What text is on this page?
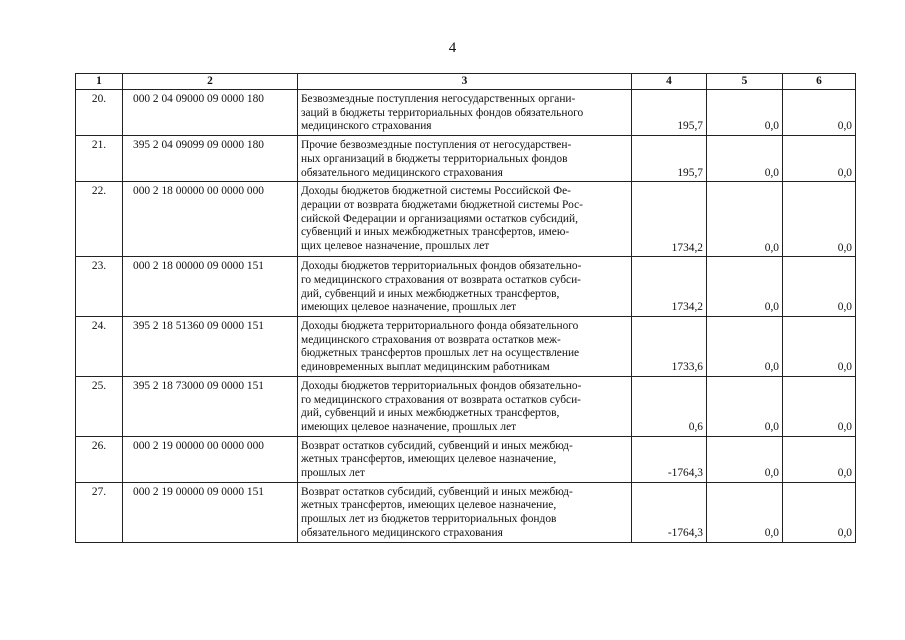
4
1	2	3	4	5	6
20.	000 2 04 09000 09 0000 180	Безвозмездные поступления негосударственных органи-
заций в бюджеты территориальных фондов обязательного
медицинского страхования	195,7	0,0	0,0
21.	395 2 04 09099 09 0000 180	Прочие безвозмездные поступления от негосударствен-
ных организаций в бюджеты территориальных фондов
обязательного медицинского страхования	195,7	0,0	0,0
22.	000 2 18 00000 00 0000 000	Доходы бюджетов бюджетной системы Российской Фе-
дерации от возврата бюджетами бюджетной системы Рос-
сийской Федерации и организациями остатков субсидий,
субвенций и иных межбюджетных трансфертов, имею-
щих целевое назначение, прошлых лет	1734,2	0,0	0,0
23.	000 2 18 00000 09 0000 151	Доходы бюджетов территориальных фондов обязательно-
го медицинского страхования от возврата остатков субси-
дий, субвенций и иных межбюджетных трансфертов,
имеющих целевое назначение, прошлых лет	1734,2	0,0	0,0
24.	395 2 18 51360 09 0000 151	Доходы бюджета территориального фонда обязательного
медицинского страхования от возврата остатков меж-
бюджетных трансфертов прошлых лет на осуществление
единовременных выплат медицинским работникам	1733,6	0,0	0,0
25.	395 2 18 73000 09 0000 151	Доходы бюджетов территориальных фондов обязательно-
го медицинского страхования от возврата остатков субси-
дий, субвенций и иных межбюджетных трансфертов,
имеющих целевое назначение, прошлых лет	0,6	0,0	0,0
26.	000 2 19 00000 00 0000 000	Возврат остатков субсидий, субвенций и иных межбюд-
жетных трансфертов, имеющих целевое назначение,
прошлых лет	-1764,3	0,0	0,0
27.	000 2 19 00000 09 0000 151	Возврат остатков субсидий, субвенций и иных межбюд-
жетных трансфертов, имеющих целевое назначение,
прошлых лет из бюджетов территориальных фондов
обязательного медицинского страхования	-1764,3	0,0	0,0
